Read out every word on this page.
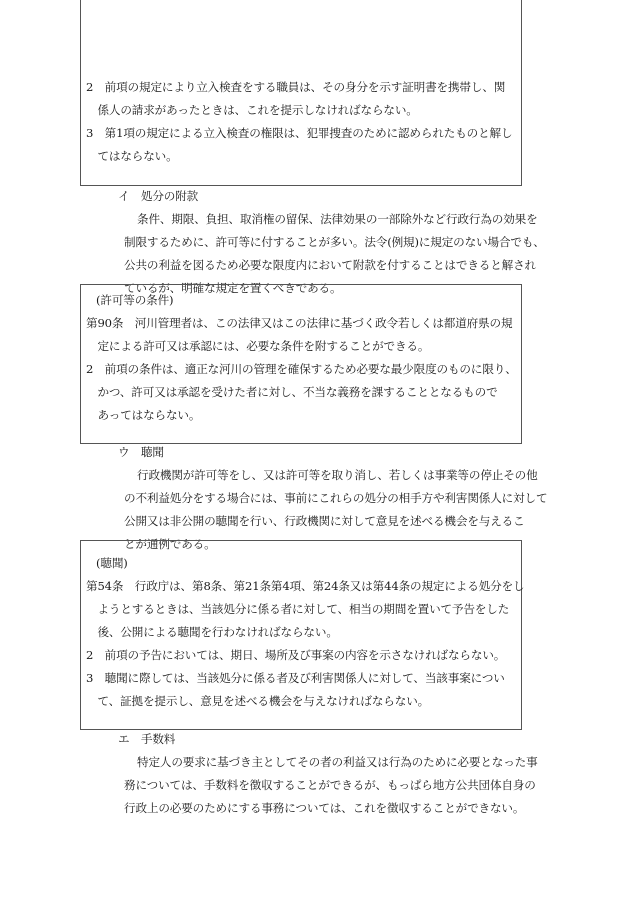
2　前項の規定により立入検査をする職員は、その身分を示す証明書を携帯し、関
　係人の請求があったときは、これを提示しなければならない。
3　第1項の規定による立入検査の権限は、犯罪捜査のために認められたものと解し
　てはならない。
イ　処分の附款
条件、期限、負担、取消権の留保、法律効果の一部除外など行政行為の効果を
制限するために、許可等に付することが多い。法令(例規)に規定のない場合でも、
公共の利益を図るため必要な限度内において附款を付することはできると解され
ているが、明確な規定を置くべきである。
(許可等の条件)
第90条　河川管理者は、この法律又はこの法律に基づく政令若しくは都道府県の規
　定による許可又は承認には、必要な条件を附することができる。
2　前項の条件は、適正な河川の管理を確保するため必要な最少限度のものに限り、
　かつ、許可又は承認を受けた者に対し、不当な義務を課することとなるもので
　あってはならない。
ウ　聴聞
行政機関が許可等をし、又は許可等を取り消し、若しくは事業等の停止その他
の不利益処分をする場合には、事前にこれらの処分の相手方や利害関係人に対して
公開又は非公開の聴聞を行い、行政機関に対して意見を述べる機会を与えるこ
とが通例である。
(聴聞)
第54条　行政庁は、第8条、第21条第4項、第24条又は第44条の規定による処分をし
　ようとするときは、当該処分に係る者に対して、相当の期間を置いて予告をした
　後、公開による聴聞を行わなければならない。
2　前項の予告においては、期日、場所及び事案の内容を示さなければならない。
3　聴聞に際しては、当該処分に係る者及び利害関係人に対して、当該事案につい
　て、証拠を提示し、意見を述べる機会を与えなければならない。
エ　手数料
特定人の要求に基づき主としてその者の利益又は行為のために必要となった事
務については、手数料を徴収することができるが、もっぱら地方公共団体自身の
行政上の必要のためにする事務については、これを徴収することができない。
